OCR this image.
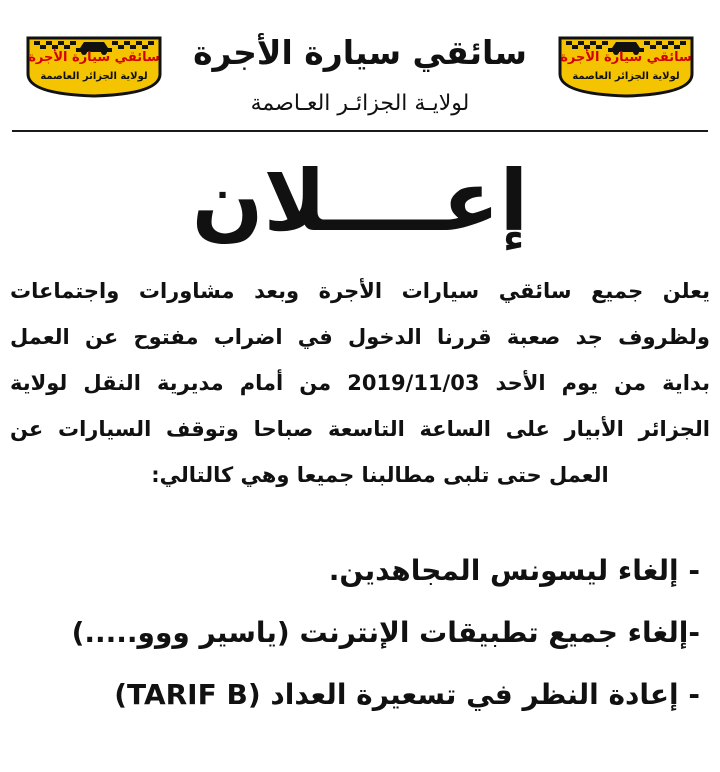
سائقي سيارة الأجرة
لولاية الجزائر العاصمة
سائقي سيارة الأجرة
لولاية الجزائر العاصمة
سائقي سيارة الأجرة
لولايـة الجزائـر العـاصمة
إعــــلان
يعلن جميع سائقي سيارات الأجرة وبعد مشاورات واجتماعات
ولظروف جد صعبة قررنا الدخول في اضراب مفتوح عن العمل
بداية من يوم الأحد 2019/11/03 من أمام مديرية النقل لولاية
الجزائر الأبيار على الساعة التاسعة صباحا وتوقف السيارات عن
العمل حتى تلبى مطالبنا جميعا وهي كالتالي:
- إلغاء ليسونس المجاهدين.
-إلغاء جميع تطبيقات الإنترنت (ياسير ووو.....)
- إعادة النظر في تسعيرة العداد (TARIF B)
